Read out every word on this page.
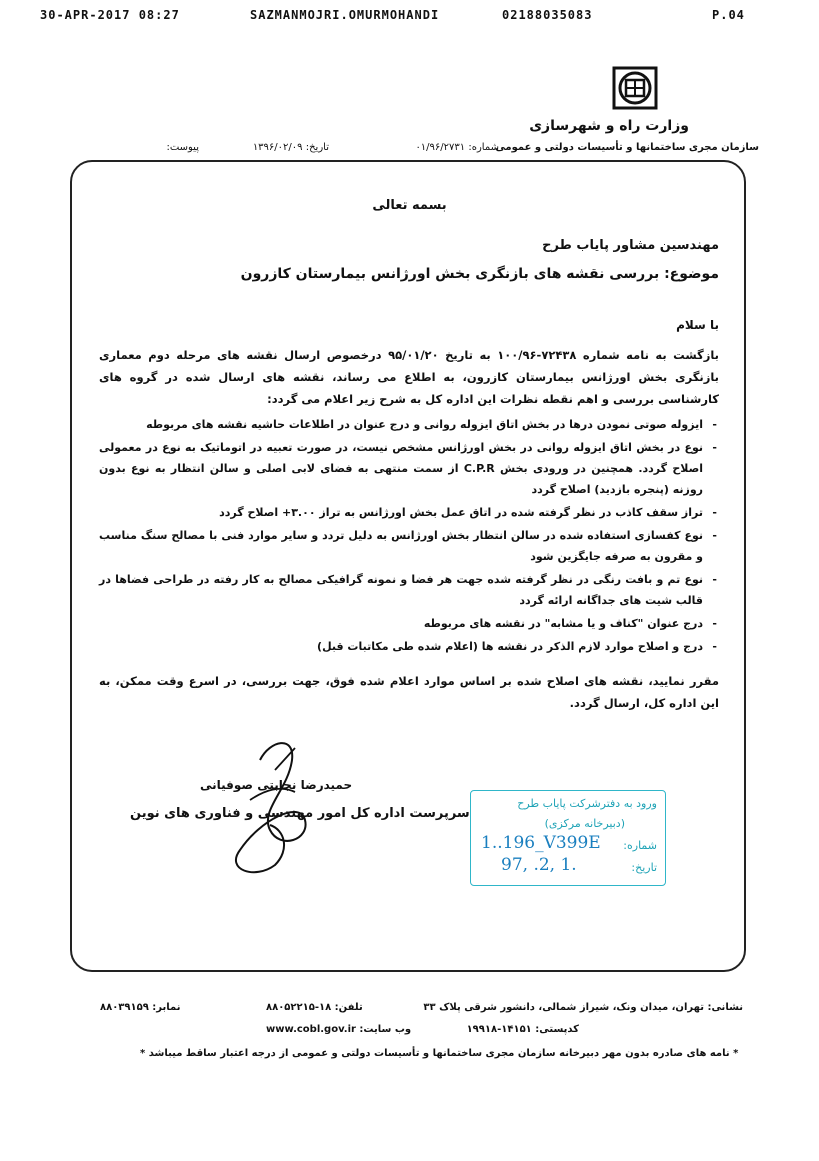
30-APR-2017 08:27	SAZMANMOJRI.OMURMOHANDI	02188035083	P.04
وزارت راه و شهرسازی
سازمان مجری ساختمانها و تأسیسات دولتی و عمومی
شماره: ۰۱/۹۶/۲۷۳۱
تاریخ: ۱۳۹۶/۰۲/۰۹
پیوست:
بسمه تعالی
مهندسین مشاور پایاب طرح
موضوع: بررسی نقشه های بازنگری بخش اورژانس بیمارستان کازرون
با سلام
بازگشت به نامه شماره ۷۲۴۳۸-۱۰۰/۹۶ به تاریخ ۹۵/۰۱/۲۰ درخصوص ارسال نقشه های مرحله دوم معماری بازنگری بخش اورژانس بیمارستان کازرون، به اطلاع می رساند، نقشه های ارسال شده در گروه های کارشناسی بررسی و اهم نقطه نظرات این اداره کل به شرح زیر اعلام می گردد:
- ایزوله صوتی نمودن درها در بخش اتاق ایزوله روانی و درج عنوان در اطلاعات حاشیه نقشه های مربوطه
- نوع در بخش اتاق ایزوله روانی در بخش اورژانس مشخص نیست، در صورت تعبیه در اتوماتیک به نوع در معمولی اصلاح گردد. همچنین در ورودی بخش C.P.R از سمت منتهی به فضای لابی اصلی و سالن انتظار به نوع بدون روزنه (پنجره بازدید) اصلاح گردد
- تراز سقف کاذب در نظر گرفته شده در اتاق عمل بخش اورژانس به تراز ۳.۰۰+ اصلاح گردد
- نوع کفسازی استفاده شده در سالن انتظار بخش اورژانس به دلیل تردد و سایر موارد فنی با مصالح سنگ مناسب و مقرون به صرفه جایگزین شود
- نوع تم و بافت رنگی در نظر گرفته شده جهت هر فضا و نمونه گرافیکی مصالح به کار رفته در طراحی فضاها در قالب شیت های جداگانه ارائه گردد
- درج عنوان "کناف و یا مشابه" در نقشه های مربوطه
- درج و اصلاح موارد لازم الذکر در نقشه ها (اعلام شده طی مکاتبات قبل)
مقرر نمایید، نقشه های اصلاح شده بر اساس موارد اعلام شده فوق، جهت بررسی، در اسرع وقت ممکن، به این اداره کل، ارسال گردد.
حمیدرضا نجابتی صوفیانی
سرپرست اداره کل امور مهندسی و فناوری های نوین
ورود به دفترشرکت پایاب طرح
(دبیرخانه مرکزی)
شماره:
1..196_V399E
تاریخ:
97, .2, 1.
نشانی: تهران، میدان ونک، شیراز شمالی، دانشور شرقی پلاک ۳۳
تلفن: ۱۸-۸۸۰۵۲۲۱۵
نمابر: ۸۸۰۳۹۱۵۹
کدپستی: ۱۴۱۵۱-۱۹۹۱۸
وب سایت: www.cobl.gov.ir
* نامه های صادره بدون مهر دبیرخانه سازمان مجری ساختمانها و تأسیسات دولتی و عمومی از درجه اعتبار ساقط میباشد *
